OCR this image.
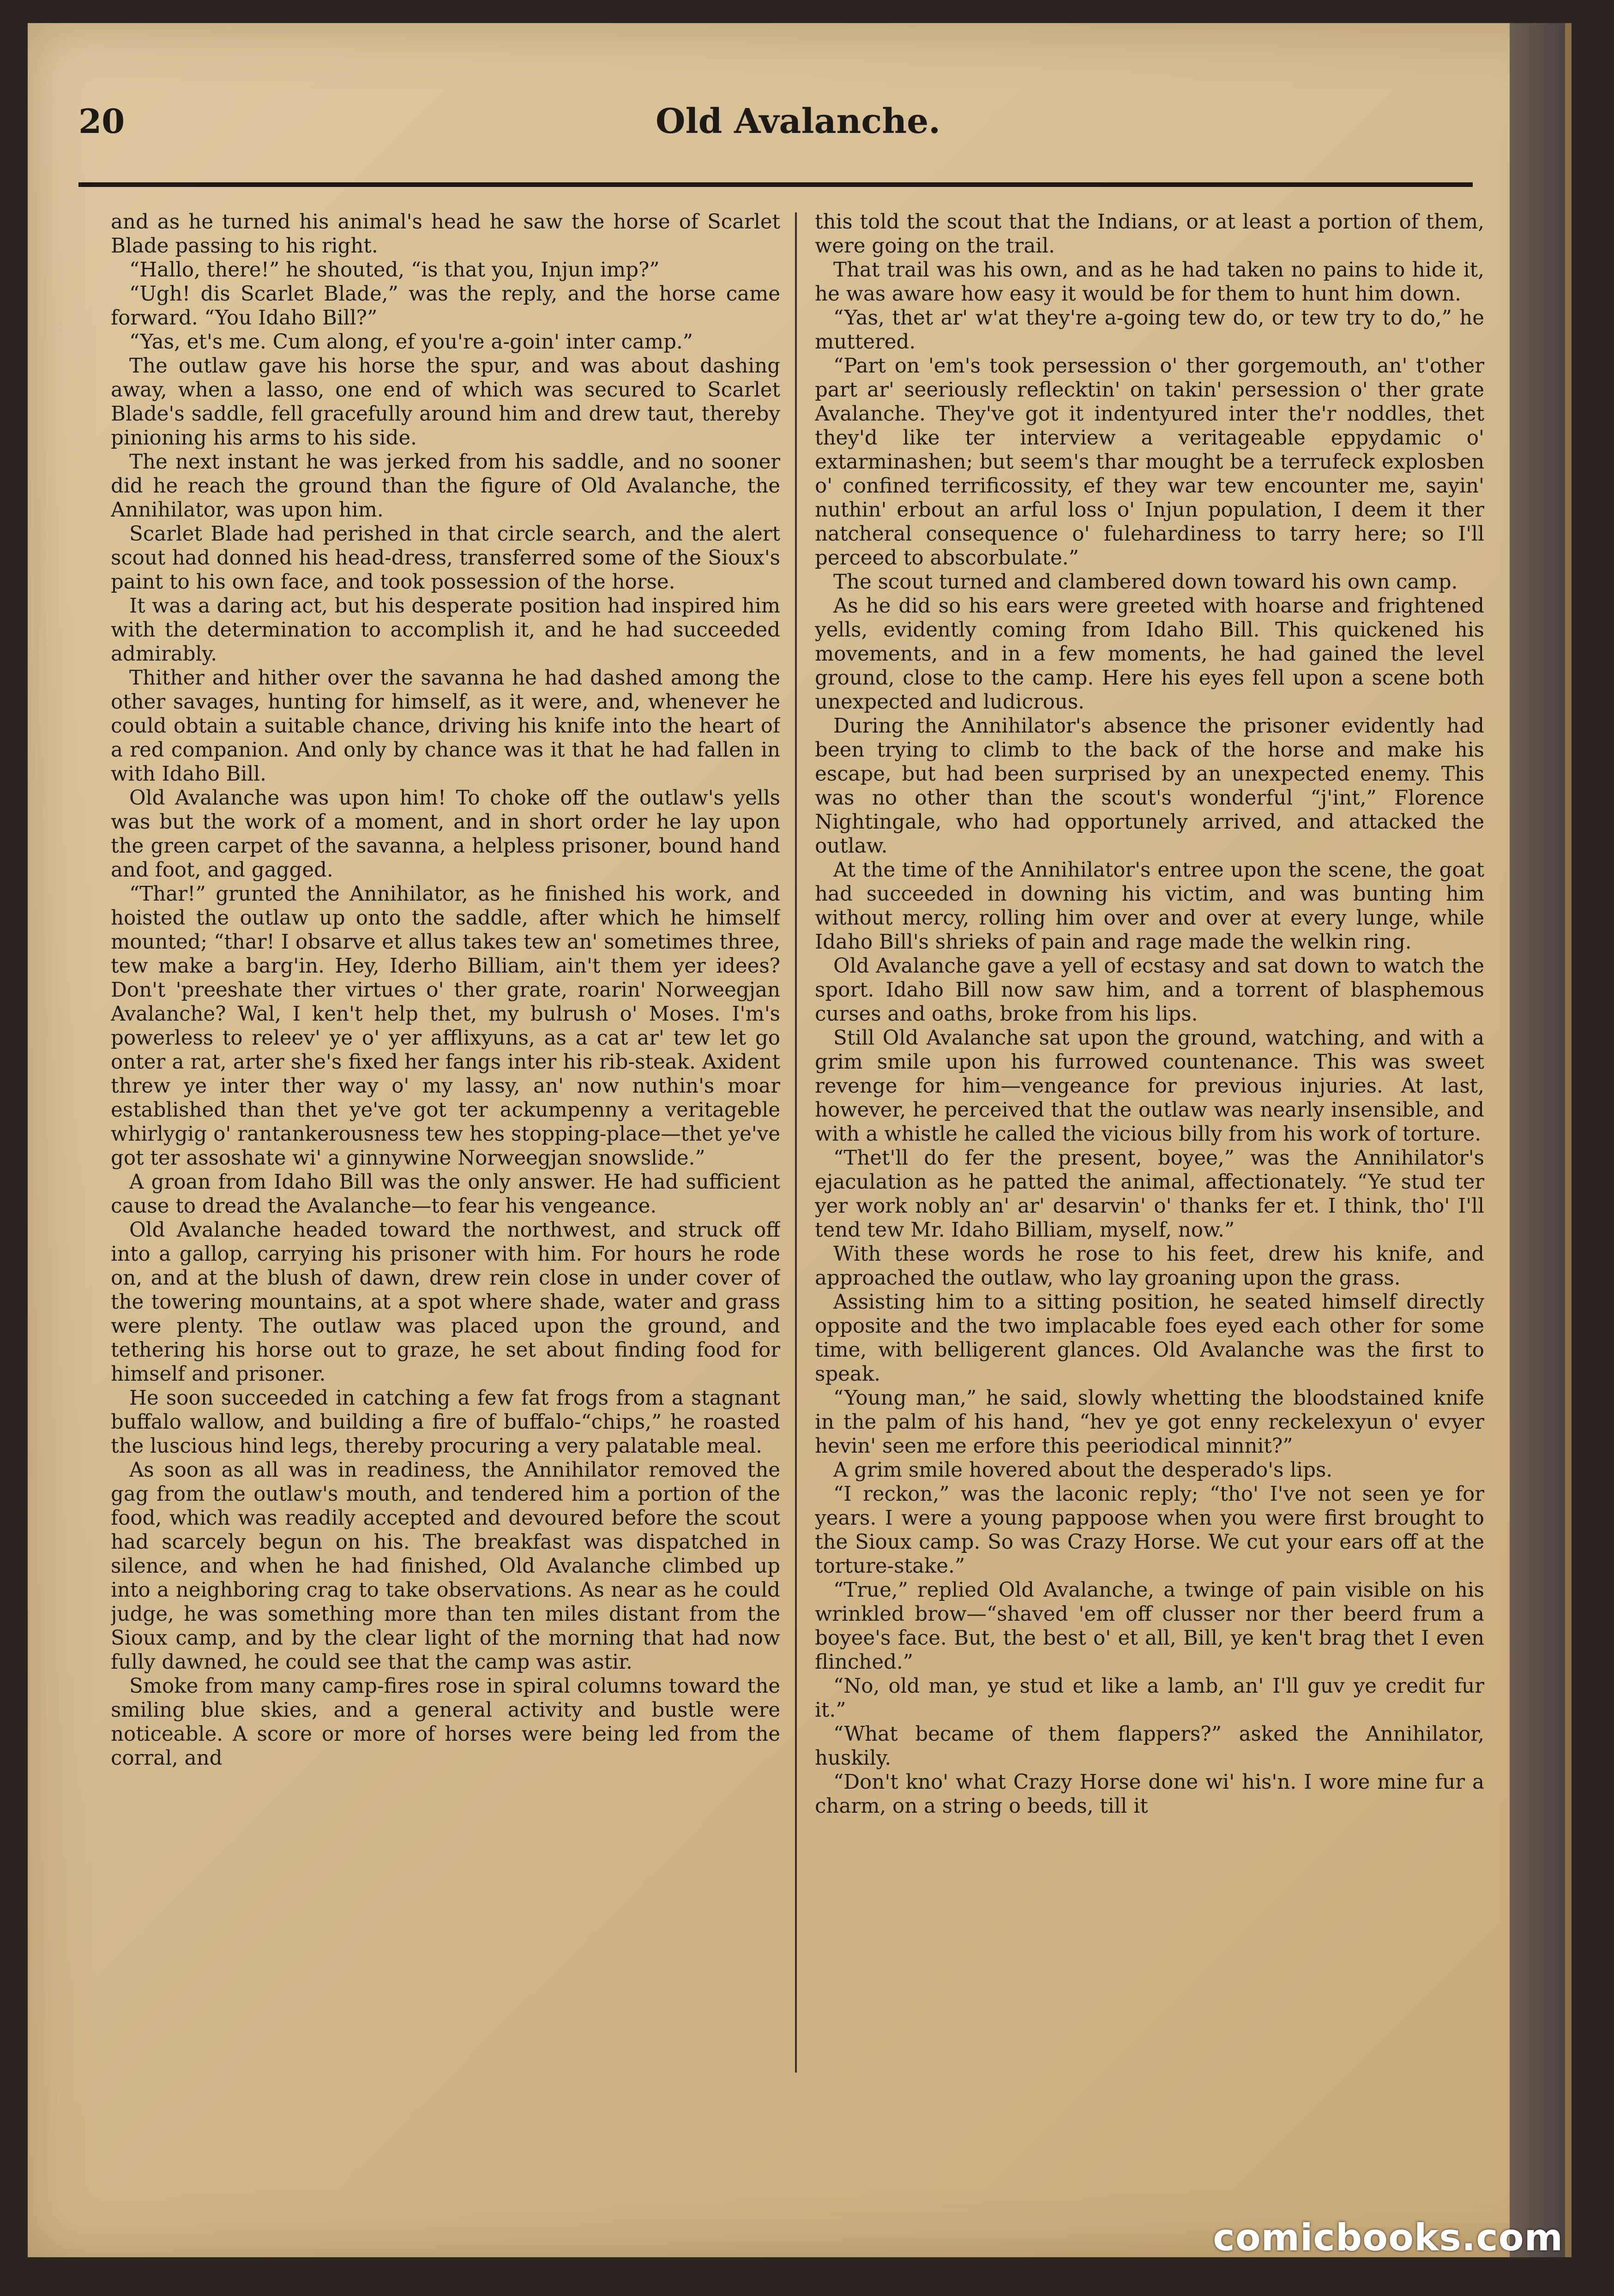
20	Old Avalanche.

and as he turned his animal's head he saw the horse of Scarlet Blade passing to his right.

“Hallo, there!” he shouted, “is that you, Injun imp?”

“Ugh! dis Scarlet Blade,” was the reply, and the horse came forward. “You Idaho Bill?”

“Yas, et's me. Cum along, ef you're a-goin' inter camp.”

The outlaw gave his horse the spur, and was about dashing away, when a lasso, one end of which was secured to Scarlet Blade's saddle, fell gracefully around him and drew taut, thereby pinioning his arms to his side.

The next instant he was jerked from his saddle, and no sooner did he reach the ground than the figure of Old Avalanche, the Annihilator, was upon him.

Scarlet Blade had perished in that circle search, and the alert scout had donned his head-dress, transferred some of the Sioux's paint to his own face, and took possession of the horse.

It was a daring act, but his desperate position had inspired him with the determination to accomplish it, and he had succeeded admirably.

Thither and hither over the savanna he had dashed among the other savages, hunting for himself, as it were, and, whenever he could obtain a suitable chance, driving his knife into the heart of a red companion. And only by chance was it that he had fallen in with Idaho Bill.

Old Avalanche was upon him! To choke off the outlaw's yells was but the work of a moment, and in short order he lay upon the green carpet of the savanna, a helpless prisoner, bound hand and foot, and gagged.

“Thar!” grunted the Annihilator, as he finished his work, and hoisted the outlaw up onto the saddle, after which he himself mounted; “thar! I obsarve et allus takes tew an' sometimes three, tew make a barg'in. Hey, Iderho Billiam, ain't them yer idees? Don't 'preeshate ther virtues o' ther grate, roarin' Norweegjan Avalanche? Wal, I ken't help thet, my bulrush o' Moses. I'm's powerless to releev' ye o' yer afflixyuns, as a cat ar' tew let go onter a rat, arter she's fixed her fangs inter his rib-steak. Axident threw ye inter ther way o' my lassy, an' now nuthin's moar established than thet ye've got ter ackumpenny a veritageble whirlygig o' rantankerousness tew hes stopping-place—thet ye've got ter assoshate wi' a ginnywine Norweegjan snowslide.”

A groan from Idaho Bill was the only answer. He had sufficient cause to dread the Avalanche—to fear his vengeance.

Old Avalanche headed toward the northwest, and struck off into a gallop, carrying his prisoner with him. For hours he rode on, and at the blush of dawn, drew rein close in under cover of the towering mountains, at a spot where shade, water and grass were plenty. The outlaw was placed upon the ground, and tethering his horse out to graze, he set about finding food for himself and prisoner.

He soon succeeded in catching a few fat frogs from a stagnant buffalo wallow, and building a fire of buffalo-“chips,” he roasted the luscious hind legs, thereby procuring a very palatable meal.

As soon as all was in readiness, the Annihilator removed the gag from the outlaw's mouth, and tendered him a portion of the food, which was readily accepted and devoured before the scout had scarcely begun on his. The breakfast was dispatched in silence, and when he had finished, Old Avalanche climbed up into a neighboring crag to take observations. As near as he could judge, he was something more than ten miles distant from the Sioux camp, and by the clear light of the morning that had now fully dawned, he could see that the camp was astir.

Smoke from many camp-fires rose in spiral columns toward the smiling blue skies, and a general activity and bustle were noticeable. A score or more of horses were being led from the corral, and

this told the scout that the Indians, or at least a portion of them, were going on the trail.

That trail was his own, and as he had taken no pains to hide it, he was aware how easy it would be for them to hunt him down.

“Yas, thet ar' w'at they're a-going tew do, or tew try to do,” he muttered.

“Part on 'em's took persession o' ther gorgemouth, an' t'other part ar' seeriously reflecktin' on takin' persession o' ther grate Avalanche. They've got it indentyured inter the'r noddles, thet they'd like ter interview a veritageable eppydamic o' extarminashen; but seem's thar mought be a terrufeck explosben o' confined terrificossity, ef they war tew encounter me, sayin' nuthin' erbout an arful loss o' Injun population, I deem it ther natcheral consequence o' fulehardiness to tarry here; so I'll perceed to abscorbulate.”

The scout turned and clambered down toward his own camp.

As he did so his ears were greeted with hoarse and frightened yells, evidently coming from Idaho Bill. This quickened his movements, and in a few moments, he had gained the level ground, close to the camp. Here his eyes fell upon a scene both unexpected and ludicrous.

During the Annihilator's absence the prisoner evidently had been trying to climb to the back of the horse and make his escape, but had been surprised by an unexpected enemy. This was no other than the scout's wonderful “j'int,” Florence Nightingale, who had opportunely arrived, and attacked the outlaw.

At the time of the Annihilator's entree upon the scene, the goat had succeeded in downing his victim, and was bunting him without mercy, rolling him over and over at every lunge, while Idaho Bill's shrieks of pain and rage made the welkin ring.

Old Avalanche gave a yell of ecstasy and sat down to watch the sport. Idaho Bill now saw him, and a torrent of blasphemous curses and oaths, broke from his lips.

Still Old Avalanche sat upon the ground, watching, and with a grim smile upon his furrowed countenance. This was sweet revenge for him—vengeance for previous injuries. At last, however, he perceived that the outlaw was nearly insensible, and with a whistle he called the vicious billy from his work of torture.

“Thet'll do fer the present, boyee,” was the Annihilator's ejaculation as he patted the animal, affectionately. “Ye stud ter yer work nobly an' ar' desarvin' o' thanks fer et. I think, tho' I'll tend tew Mr. Idaho Billiam, myself, now.”

With these words he rose to his feet, drew his knife, and approached the outlaw, who lay groaning upon the grass.

Assisting him to a sitting position, he seated himself directly opposite and the two implacable foes eyed each other for some time, with belligerent glances. Old Avalanche was the first to speak.

“Young man,” he said, slowly whetting the bloodstained knife in the palm of his hand, “hev ye got enny reckelexyun o' evyer hevin' seen me erfore this peeriodical minnit?”

A grim smile hovered about the desperado's lips.

“I reckon,” was the laconic reply; “tho' I've not seen ye for years. I were a young pappoose when you were first brought to the Sioux camp. So was Crazy Horse. We cut your ears off at the torture-stake.”

“True,” replied Old Avalanche, a twinge of pain visible on his wrinkled brow—“shaved 'em off clusser nor ther beerd frum a boyee's face. But, the best o' et all, Bill, ye ken't brag thet I even flinched.”

“No, old man, ye stud et like a lamb, an' I'll guv ye credit fur it.”

“What became of them flappers?” asked the Annihilator, huskily.

“Don't kno' what Crazy Horse done wi' his'n. I wore mine fur a charm, on a string o beeds, till it

comicbooks.com
